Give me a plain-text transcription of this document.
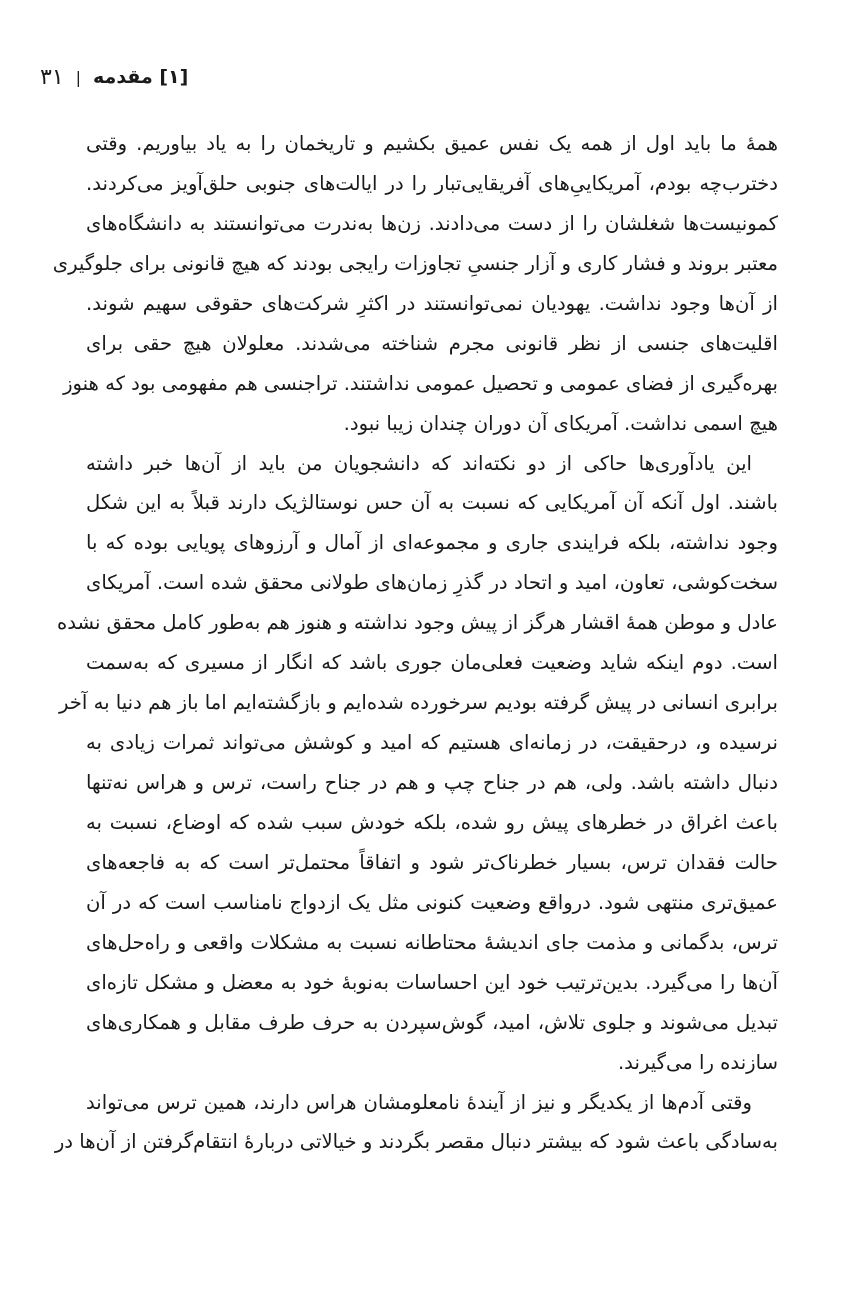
۳۱ | [۱] مقدمه
همهٔ ما باید اول از همه یک نفس عمیق بکشیم و تاریخمان را به یاد بیاوریم. وقتی
دخترب‌چه بودم، آمریکاییِ‌های آفریقایی‌تبار را در ایالت‌های جنوبی حلق‌آویز می‌کردند.
کمونیست‌ها شغلشان را از دست می‌دادند. زن‌ها به‌ندرت می‌توانستند به دانشگاه‌های
معتبر بروند و فشار کاری و آزار جنسیِ تجاوزات رایجی بودند که هیچ قانونی برای جلوگیری
از آن‌ها وجود نداشت. یهودیان نمی‌توانستند در اکثرِ شرکت‌های حقوقی سهیم شوند.
اقلیت‌های جنسی از نظر قانونی مجرم شناخته می‌شدند. معلولان هیچ حقی برای
بهره‌گیری از فضای عمومی و تحصیل عمومی نداشتند. تراجنسی هم مفهومی بود که هنوز
هیچ اسمی نداشت. آمریکای آن دوران چندان زیبا نبود.
این یادآوری‌ها حاکی از دو نکته‌اند که دانشجویان من باید از آن‌ها خبر داشته
باشند. اول آنکه آن آمریکایی که نسبت به آن حس نوستالژیک دارند قبلاً به این شکل
وجود نداشته، بلکه فرایندی جاری و مجموعه‌ای از آمال و آرزوهای پویایی بوده که با
سخت‌کوشی، تعاون، امید و اتحاد در گذرِ زمان‌های طولانی محقق شده است. آمریکای
عادل و موطن همهٔ اقشار هرگز از پیش وجود نداشته و هنوز هم به‌طور کامل محقق نشده
است. دوم اینکه شاید وضعیت فعلی‌مان جوری باشد که انگار از مسیری که به‌سمت
برابری انسانی در پیش گرفته بودیم سرخورده شده‌ایم و بازگشته‌ایم اما باز هم دنیا به آخر
نرسیده و، درحقیقت، در زمانه‌ای هستیم که امید و کوشش می‌تواند ثمرات زیادی به
دنبال داشته باشد. ولی، هم در جناح چپ و هم در جناح راست، ترس و هراس نه‌تنها
باعث اغراق در خطرهای پیش رو شده، بلکه خودش سبب شده که اوضاع، نسبت به
حالت فقدان ترس، بسیار خطرناک‌تر شود و اتفاقاً محتمل‌تر است که به فاجعه‌های
عمیق‌تری منتهی شود. درواقع وضعیت کنونی مثل یک ازدواج نامناسب است که در آن
ترس، بدگمانی و مذمت جای اندیشهٔ محتاطانه نسبت به مشکلات واقعی و راه‌حل‌های
آن‌ها را می‌گیرد. بدین‌ترتیب خود این احساسات به‌نوبهٔ خود به معضل و مشکل تازه‌ای
تبدیل می‌شوند و جلوی تلاش، امید، گوش‌سپردن به حرف طرف مقابل و همکاری‌های
سازنده را می‌گیرند.
وقتی آدم‌ها از یکدیگر و نیز از آیندهٔ نامعلومشان هراس دارند، همین ترس می‌تواند
به‌سادگی باعث شود که بیشتر دنبال مقصر بگردند و خیالاتی دربارهٔ انتقام‌گرفتن از آن‌ها در
